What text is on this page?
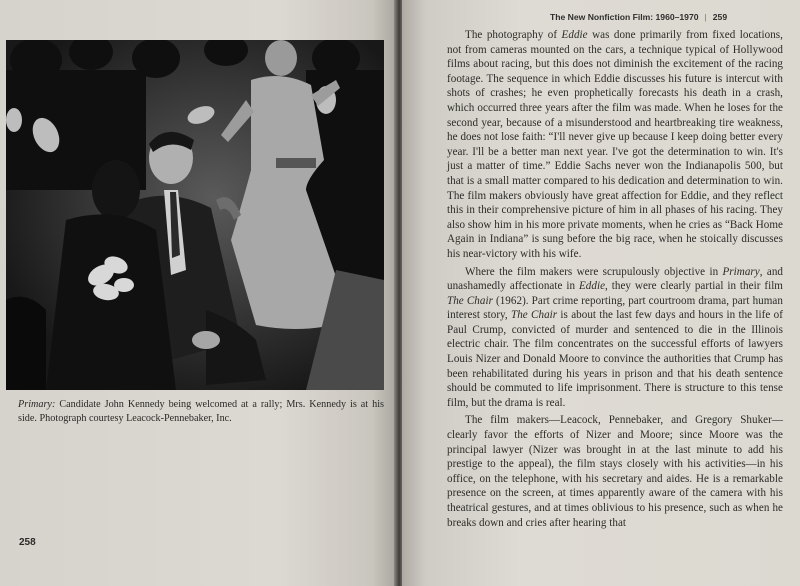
Primary: Candidate John Kennedy being welcomed at a rally; Mrs. Kennedy is at his side. Photograph courtesy Leacock-Pennebaker, Inc.
258
The New Nonfiction Film: 1960–1970 | 259

The photography of Eddie was done primarily from fixed locations, not from cameras mounted on the cars, a technique typical of Hollywood films about racing, but this does not diminish the excitement of the racing footage. The sequence in which Eddie discusses his future is intercut with shots of crashes; he even prophetically forecasts his death in a crash, which occurred three years after the film was made. When he loses for the second year, because of a misunderstood and heartbreaking tire weakness, he does not lose faith: “I'll never give up because I keep doing better every year. I'll be a better man next year. I've got the determination to win. It's just a matter of time.” Eddie Sachs never won the Indianapolis 500, but that is a small matter compared to his dedication and determination to win. The film makers obviously have great affection for Eddie, and they reflect this in their comprehensive picture of him in all phases of his racing. They also show him in his more private moments, when he cries as “Back Home Again in Indiana” is sung before the big race, when he stoically discusses his near-victory with his wife.

Where the film makers were scrupulously objective in Primary, and unashamedly affectionate in Eddie, they were clearly partial in their film The Chair (1962). Part crime reporting, part courtroom drama, part human interest story, The Chair is about the last few days and hours in the life of Paul Crump, convicted of murder and sentenced to die in the Illinois electric chair. The film concentrates on the successful efforts of lawyers Louis Nizer and Donald Moore to convince the authorities that Crump has been rehabilitated during his years in prison and that his death sentence should be commuted to life imprisonment. There is structure to this tense film, but the drama is real.

The film makers—Leacock, Pennebaker, and Gregory Shuker—clearly favor the efforts of Nizer and Moore; since Moore was the principal lawyer (Nizer was brought in at the last minute to add his prestige to the appeal), the film stays closely with his activities—in his office, on the telephone, with his secretary and aides. He is a remarkable presence on the screen, at times apparently aware of the camera with his theatrical gestures, and at times oblivious to his presence, such as when he breaks down and cries after hearing that
